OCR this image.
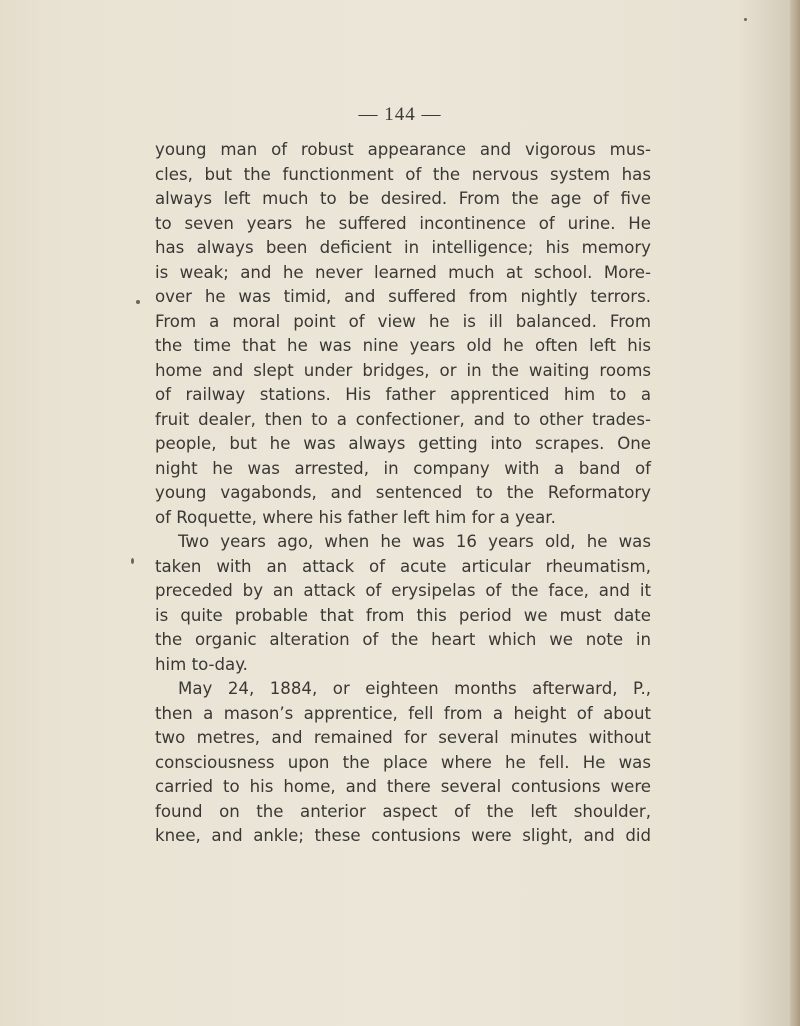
— 144 —
young man of robust appearance and vigorous mus-
cles, but the functionment of the nervous system has
always left much to be desired. From the age of five
to seven years he suffered incontinence of urine. He
has always been deficient in intelligence; his memory
is weak; and he never learned much at school. More-
over he was timid, and suffered from nightly terrors.
From a moral point of view he is ill balanced. From
the time that he was nine years old he often left his
home and slept under bridges, or in the waiting rooms
of railway stations. His father apprenticed him to a
fruit dealer, then to a confectioner, and to other trades-
people, but he was always getting into scrapes. One
night he was arrested, in company with a band of
young vagabonds, and sentenced to the Reformatory
of Roquette, where his father left him for a year.
Two years ago, when he was 16 years old, he was
taken with an attack of acute articular rheumatism,
preceded by an attack of erysipelas of the face, and it
is quite probable that from this period we must date
the organic alteration of the heart which we note in
him to-day.
May 24, 1884, or eighteen months afterward, P.,
then a mason’s apprentice, fell from a height of about
two metres, and remained for several minutes without
consciousness upon the place where he fell. He was
carried to his home, and there several contusions were
found on the anterior aspect of the left shoulder,
knee, and ankle; these contusions were slight, and did
